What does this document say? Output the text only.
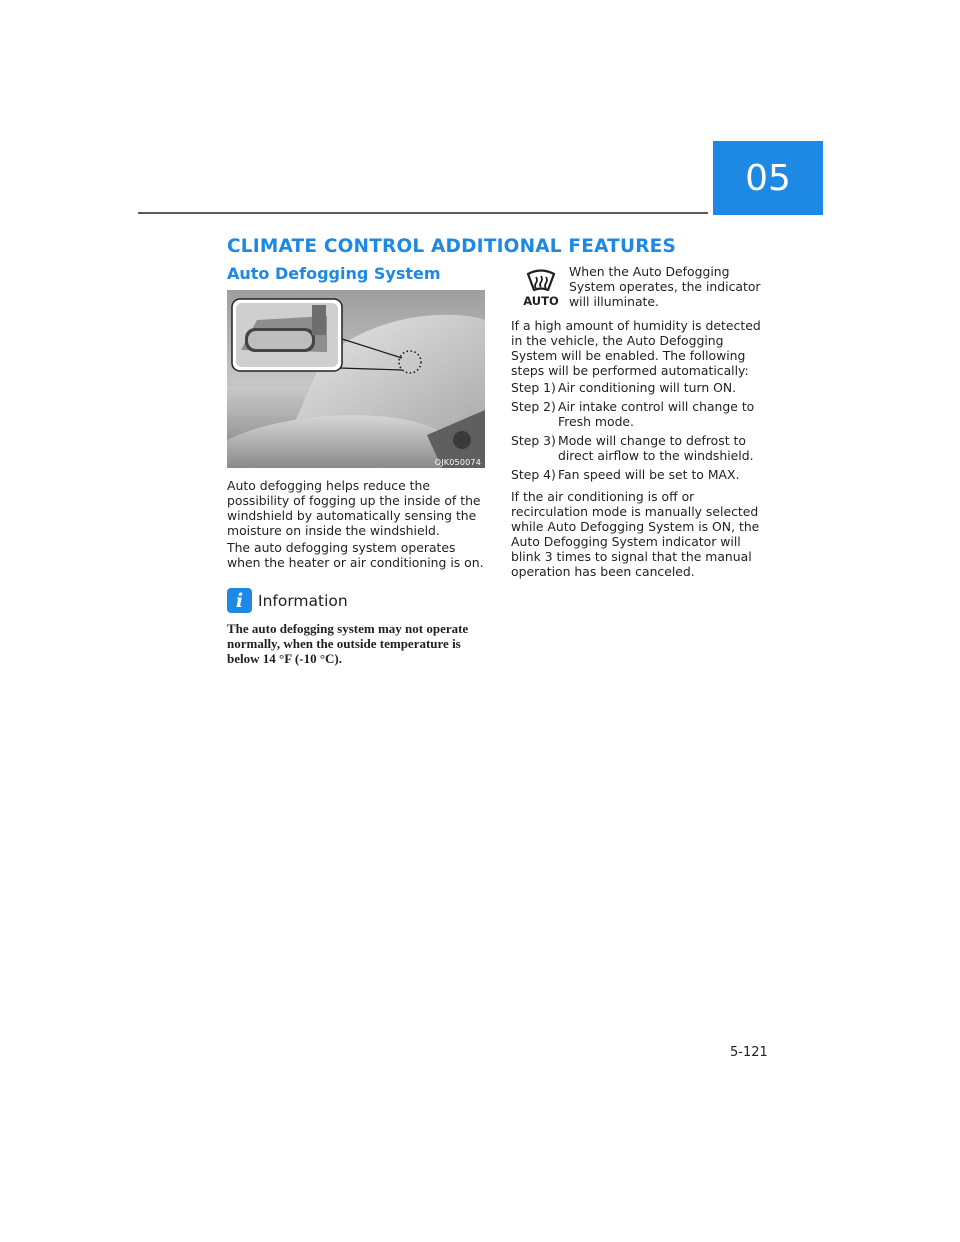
05
CLIMATE CONTROL ADDITIONAL FEATURES
Auto Defogging System
OJK050074

Auto defogging helps reduce the possibility of fogging up the inside of the windshield by automatically sensing the moisture on inside the windshield.

The auto defogging system operates when the heater or air conditioning is on.

i Information

The auto defogging system may not operate normally, when the outside temperature is below 14 °F (-10 °C).

AUTO

When the Auto Defogging System operates, the indicator will illuminate.

If a high amount of humidity is detected in the vehicle, the Auto Defogging System will be enabled. The following steps will be performed automatically:

Step 1) Air conditioning will turn ON.
Step 2) Air intake control will change to Fresh mode.
Step 3) Mode will change to defrost to direct airflow to the windshield.
Step 4) Fan speed will be set to MAX.

If the air conditioning is off or recirculation mode is manually selected while Auto Defogging System is ON, the Auto Defogging System indicator will blink 3 times to signal that the manual operation has been canceled.

5-121
